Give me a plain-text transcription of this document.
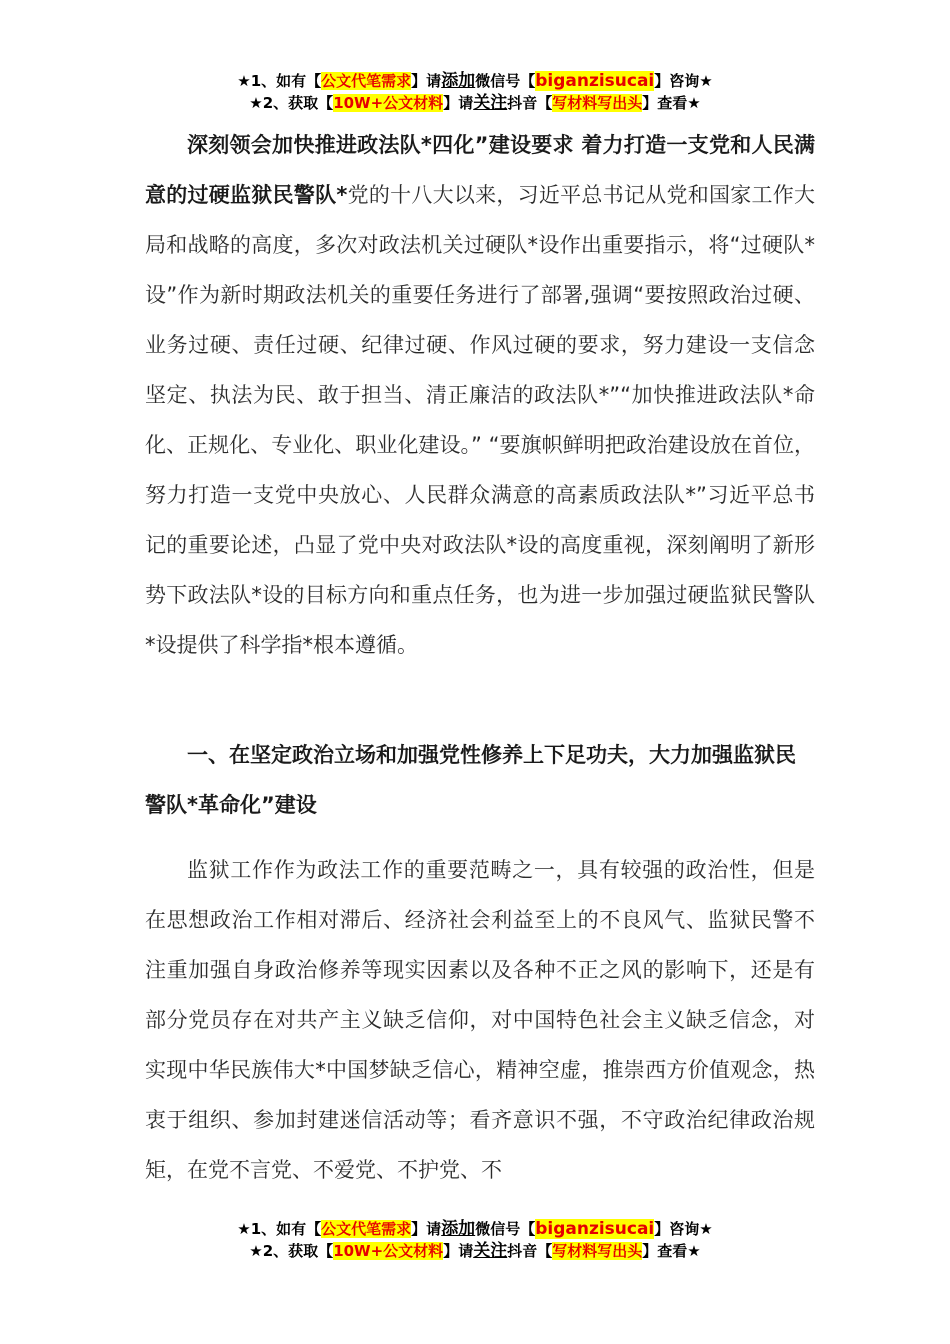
★1、如有【公文代笔需求】请添加微信号【biganzisucai】咨询★
★2、获取【10W+公文材料】请关注抖音【写材料写出头】查看★

深刻领会加快推进政法队*四化”建设要求 着力打造一支党和人民满意的过硬监狱民警队*党的十八大以来，习近平总书记从党和国家工作大局和战略的高度，多次对政法机关过硬队*设作出重要指示，将“过硬队*设”作为新时期政法机关的重要任务进行了部署,强调“要按照政治过硬、业务过硬、责任过硬、纪律过硬、作风过硬的要求，努力建设一支信念坚定、执法为民、敢于担当、清正廉洁的政法队*”“加快推进政法队*命化、正规化、专业化、职业化建设。” “要旗帜鲜明把政治建设放在首位，努力打造一支党中央放心、人民群众满意的高素质政法队*”习近平总书记的重要论述，凸显了党中央对政法队*设的高度重视，深刻阐明了新形势下政法队*设的目标方向和重点任务，也为进一步加强过硬监狱民警队*设提供了科学指*根本遵循。

一、在坚定政治立场和加强党性修养上下足功夫，大力加强监狱民警队*革命化”建设

监狱工作作为政法工作的重要范畴之一，具有较强的政治性，但是在思想政治工作相对滞后、经济社会利益至上的不良风气、监狱民警不注重加强自身政治修养等现实因素以及各种不正之风的影响下，还是有部分党员存在对共产主义缺乏信仰，对中国特色社会主义缺乏信念，对实现中华民族伟大*中国梦缺乏信心，精神空虚，推崇西方价值观念，热衷于组织、参加封建迷信活动等；看齐意识不强，不守政治纪律政治规矩，在党不言党、不爱党、不护党、不

★1、如有【公文代笔需求】请添加微信号【biganzisucai】咨询★
★2、获取【10W+公文材料】请关注抖音【写材料写出头】查看★
